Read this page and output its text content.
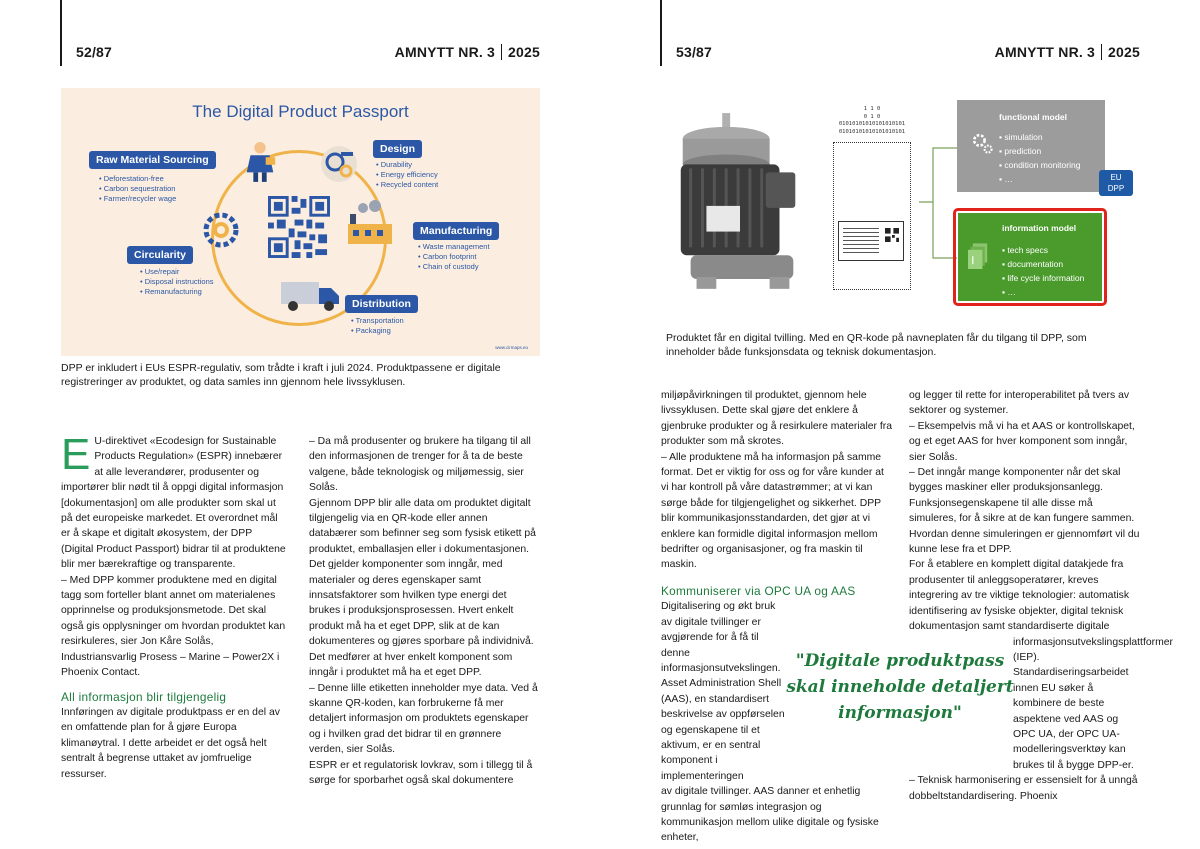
52/87	AMNYTT NR. 3 2025	53/87	AMNYTT NR. 3 2025
The Digital Product Passport
Raw Material Sourcing
• Deforestation-free
• Carbon sequestration
• Farmer/recycler wage
Design
• Durability
• Energy efficiency
• Recycled content
Manufacturing
• Waste management
• Carbon footprint
• Chain of custody
Circularity
• Use/repair
• Disposal instructions
• Remanufacturing
Distribution
• Transportation
• Packaging
www.cirmaps.eu
DPP er inkludert i EUs ESPR-regulativ, som trådte i kraft i juli 2024. Produktpassene er digitale registreringer av produktet, og data samles inn gjennom hele livssyklusen.
1 1 0
0 1 0
01010101010101010101
01010101010101010101
functional model
▪ simulation
▪ prediction
▪ condition monitoring
▪ …	EU
DPP
information model
▪ tech specs
▪ documentation
▪ life cycle information
▪ …
Produktet får en digital tvilling. Med en QR-kode på navneplaten får du tilgang til DPP, som inneholder både funksjonsdata og teknisk dokumentasjon.

E U-direktivet «Ecodesign for Sustainable Products Regulation» (ESPR) innebærer at alle leverandører, produsenter og importører blir nødt til å oppgi digital informasjon [dokumentasjon] om alle produkter som skal ut på det europeiske markedet. Et overordnet mål er å skape et digitalt økosystem, der DPP (Digital Product Passport) bidrar til at produktene blir mer bærekraftige og transparente.

– Med DPP kommer produktene med en digital tagg som forteller blant annet om materialenes opprinnelse og produksjonsmetode. Det skal også gis opplysninger om hvordan produktet kan resirkuleres, sier Jon Kåre Solås, Industriansvarlig Prosess – Marine – Power2X i Phoenix Contact.

All informasjon blir tilgjengelig

Innføringen av digitale produktpass er en del av en omfattende plan for å gjøre Europa klimanøytral. I dette arbeidet er det også helt sentralt å begrense uttaket av jomfruelige ressurser.

– Da må produsenter og brukere ha tilgang til all den informasjonen de trenger for å ta de beste valgene, både teknologisk og miljømessig, sier Solås.

Gjennom DPP blir alle data om produktet digitalt tilgjengelig via en QR-kode eller annen databærer som befinner seg som fysisk etikett på produktet, emballasjen eller i dokumentasjonen. Det gjelder komponenter som inngår, med materialer og deres egenskaper samt innsatsfaktorer som hvilken type energi det brukes i produksjonsprosessen. Hvert enkelt produkt må ha et eget DPP, slik at de kan dokumenteres og gjøres sporbare på individnivå. Det medfører at hver enkelt komponent som inngår i produktet må ha et eget DPP.

– Denne lille etiketten inneholder mye data. Ved å skanne QR-koden, kan forbrukerne få mer detaljert informasjon om produktets egenskaper og i hvilken grad det bidrar til en grønnere verden, sier Solås.

ESPR er et regulatorisk lovkrav, som i tillegg til å sørge for sporbarhet også skal dokumentere

miljøpåvirkningen til produktet, gjennom hele livssyklusen. Dette skal gjøre det enklere å gjenbruke produkter og å resirkulere materialer fra produkter som må skrotes.

– Alle produktene må ha informasjon på samme format. Det er viktig for oss og for våre kunder at vi har kontroll på våre datastrømmer; at vi kan sørge både for tilgjengelighet og sikkerhet. DPP blir kommunikasjonsstandarden, det gjør at vi enklere kan formidle digital informasjon mellom bedrifter og organisasjoner, og fra maskin til maskin.

Kommuniserer via OPC UA og AAS

Digitalisering og økt bruk av digitale tvillinger er avgjørende for å få til denne informasjonsutvekslingen. Asset Administration Shell (AAS), en standardisert beskrivelse av oppførselen og egenskapene til et aktivum, er en sentral komponent i implementeringen

av digitale tvillinger. AAS danner et enhetlig grunnlag for sømløs integrasjon og kommunikasjon mellom ulike digitale og fysiske enheter,

og legger til rette for interoperabilitet på tvers av sektorer og systemer.

– Eksempelvis må vi ha et AAS or kontrollskapet, og et eget AAS for hver komponent som inngår, sier Solås.

– Det inngår mange komponenter når det skal bygges maskiner eller produksjonsanlegg. Funksjonsegenskapene til alle disse må simuleres, for å sikre at de kan fungere sammen. Hvordan denne simuleringen er gjennomført vil du kunne lese fra et DPP.

For å etablere en komplett digital datakjede fra produsenter til anleggsoperatører, kreves integrering av tre viktige teknologier: automatisk identifisering av fysiske objekter, digital teknisk dokumentasjon samt standardiserte digitale

informasjonsutvekslingsplattformer (IEP). Standardiseringsarbeidet innen EU søker å kombinere de beste aspektene ved AAS og OPC UA, der OPC UA-modelleringsverktøy kan brukes til å bygge DPP-er.

– Teknisk harmonisering er essensielt for å unngå dobbeltstandardisering. Phoenix

"Digitale produktpass skal inneholde detaljert informasjon"
